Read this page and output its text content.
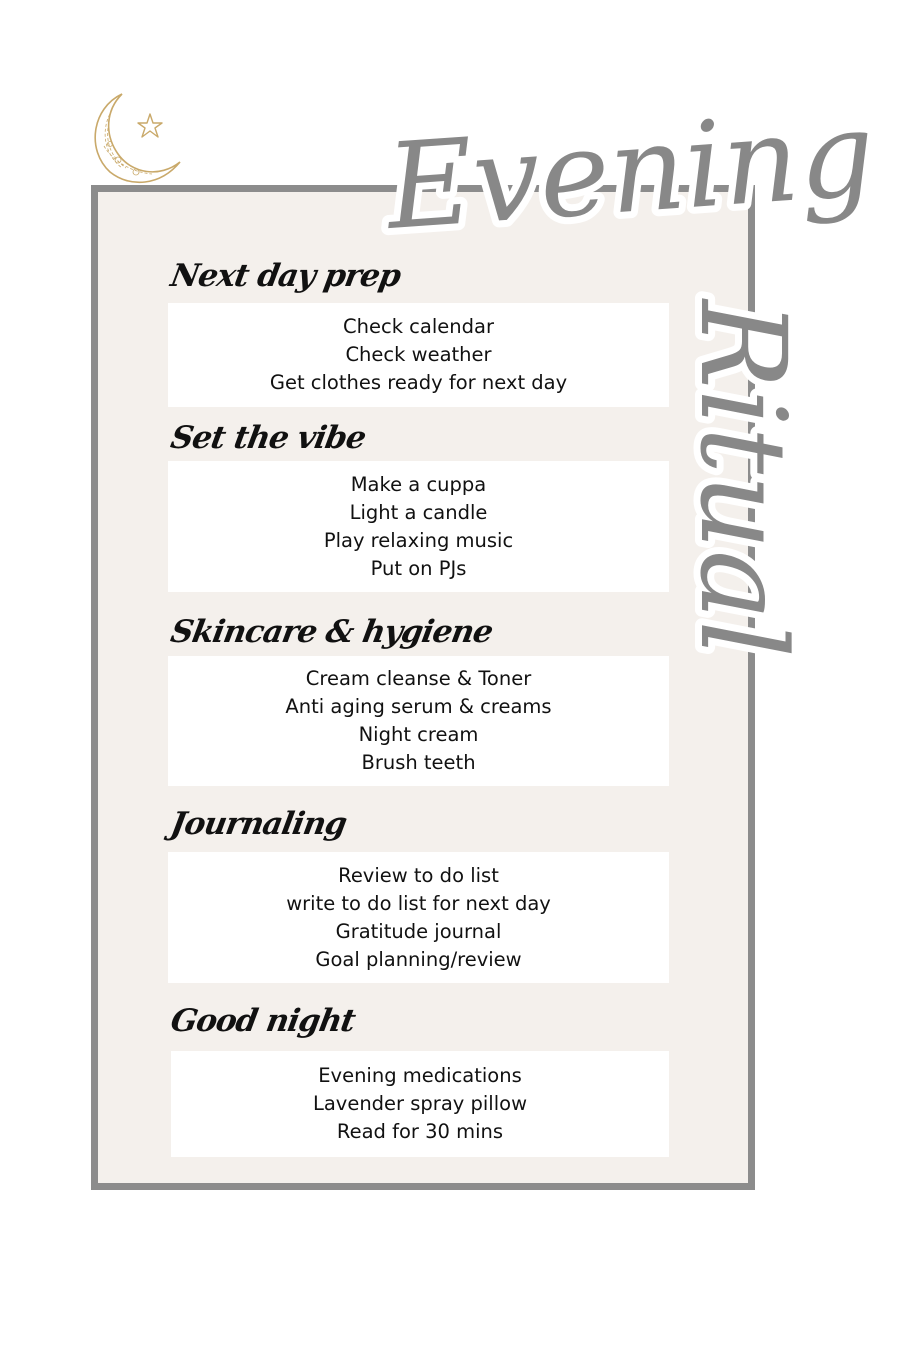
Evening
Ritual
Next day prep
Check calendar
Check weather
Get clothes ready for next day
Set the vibe
Make a cuppa
Light a candle
Play relaxing music
Put on PJs
Skincare & hygiene
Cream cleanse & Toner
Anti aging serum & creams
Night cream
Brush teeth
Journaling
Review to do list
write to do list for next day
Gratitude journal
Goal planning/review
Good night
Evening medications
Lavender spray pillow
Read for 30 mins
